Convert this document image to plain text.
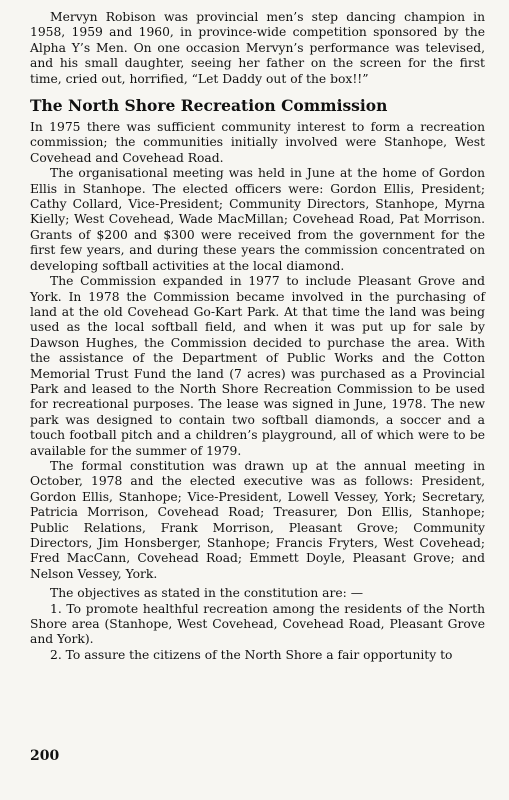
Mervyn Robison was provincial men’s step dancing champion in 1958, 1959 and 1960, in province-wide competition sponsored by the Alpha Y’s Men. On one occasion Mervyn’s performance was televised, and his small daughter, seeing her father on the screen for the first time, cried out, horrified, “Let Daddy out of the box!!”

The North Shore Recreation Commission

In 1975 there was sufficient community interest to form a recreation commission; the communities initially involved were Stanhope, West Covehead and Covehead Road.

The organisational meeting was held in June at the home of Gordon Ellis in Stanhope. The elected officers were: Gordon Ellis, President; Cathy Collard, Vice-President; Community Directors, Stanhope, Myrna Kielly; West Covehead, Wade MacMillan; Covehead Road, Pat Morrison. Grants of $200 and $300 were received from the government for the first few years, and during these years the commission concentrated on developing softball activities at the local diamond.

The Commission expanded in 1977 to include Pleasant Grove and York. In 1978 the Commission became involved in the purchasing of land at the old Covehead Go-Kart Park. At that time the land was being used as the local softball field, and when it was put up for sale by Dawson Hughes, the Commission decided to purchase the area. With the assistance of the Department of Public Works and the Cotton Memorial Trust Fund the land (7 acres) was purchased as a Provincial Park and leased to the North Shore Recreation Commission to be used for recreational purposes. The lease was signed in June, 1978. The new park was designed to contain two softball diamonds, a soccer and a touch football pitch and a children’s playground, all of which were to be available for the summer of 1979.

The formal constitution was drawn up at the annual meeting in October, 1978 and the elected executive was as follows: President, Gordon Ellis, Stanhope; Vice-President, Lowell Vessey, York; Secretary, Patricia Morrison, Covehead Road; Treasurer, Don Ellis, Stanhope; Public Relations, Frank Morrison, Pleasant Grove; Community Directors, Jim Honsberger, Stanhope; Francis Fryters, West Covehead; Fred MacCann, Covehead Road; Emmett Doyle, Pleasant Grove; and Nelson Vessey, York.

The objectives as stated in the constitution are: —

1. To promote healthful recreation among the residents of the North Shore area (Stanhope, West Covehead, Covehead Road, Pleasant Grove and York).

2. To assure the citizens of the North Shore a fair opportunity to

200
